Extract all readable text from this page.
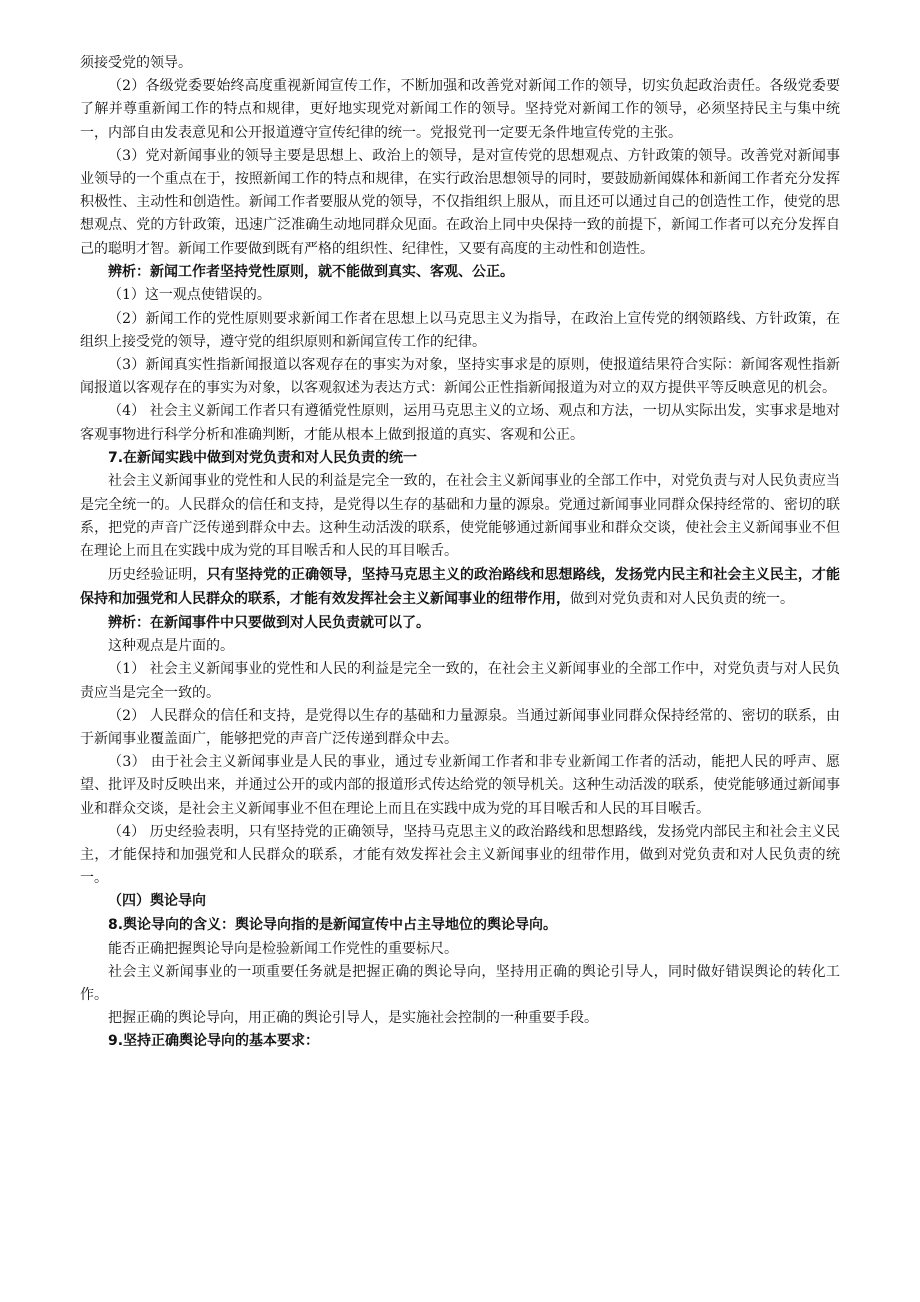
须接受党的领导。

（2）各级党委要始终高度重视新闻宣传工作，不断加强和改善党对新闻工作的领导，切实负起政治责任。各级党委要了解并尊重新闻工作的特点和规律，更好地实现党对新闻工作的领导。坚持党对新闻工作的领导，必须坚持民主与集中统一，内部自由发表意见和公开报道遵守宣传纪律的统一。党报党刊一定要无条件地宣传党的主张。

（3）党对新闻事业的领导主要是思想上、政治上的领导，是对宣传党的思想观点、方针政策的领导。改善党对新闻事业领导的一个重点在于，按照新闻工作的特点和规律，在实行政治思想领导的同时，要鼓励新闻媒体和新闻工作者充分发挥积极性、主动性和创造性。新闻工作者要服从党的领导，不仅指组织上服从，而且还可以通过自己的创造性工作，使党的思想观点、党的方针政策，迅速广泛准确生动地同群众见面。在政治上同中央保持一致的前提下，新闻工作者可以充分发挥自己的聪明才智。新闻工作要做到既有严格的组织性、纪律性，又要有高度的主动性和创造性。

辨析：新闻工作者坚持党性原则，就不能做到真实、客观、公正。

（1）这一观点使错误的。

（2）新闻工作的党性原则要求新闻工作者在思想上以马克思主义为指导，在政治上宣传党的纲领路线、方针政策，在组织上接受党的领导，遵守党的组织原则和新闻宣传工作的纪律。

（3）新闻真实性指新闻报道以客观存在的事实为对象，坚持实事求是的原则，使报道结果符合实际：新闻客观性指新闻报道以客观存在的事实为对象，以客观叙述为表达方式：新闻公正性指新闻报道为对立的双方提供平等反映意见的机会。

（4） 社会主义新闻工作者只有遵循党性原则，运用马克思主义的立场、观点和方法，一切从实际出发，实事求是地对客观事物进行科学分析和准确判断，才能从根本上做到报道的真实、客观和公正。

7.在新闻实践中做到对党负责和对人民负责的统一

社会主义新闻事业的党性和人民的利益是完全一致的，在社会主义新闻事业的全部工作中，对党负责与对人民负责应当是完全统一的。人民群众的信任和支持，是党得以生存的基础和力量的源泉。党通过新闻事业同群众保持经常的、密切的联系，把党的声音广泛传递到群众中去。这种生动活泼的联系，使党能够通过新闻事业和群众交谈，使社会主义新闻事业不但在理论上而且在实践中成为党的耳目喉舌和人民的耳目喉舌。

历史经验证明，只有坚持党的正确领导，坚持马克思主义的政治路线和思想路线，发扬党内民主和社会主义民主，才能保持和加强党和人民群众的联系，才能有效发挥社会主义新闻事业的纽带作用，做到对党负责和对人民负责的统一。

辨析：在新闻事件中只要做到对人民负责就可以了。

这种观点是片面的。

（1） 社会主义新闻事业的党性和人民的利益是完全一致的，在社会主义新闻事业的全部工作中，对党负责与对人民负责应当是完全一致的。

（2） 人民群众的信任和支持，是党得以生存的基础和力量源泉。当通过新闻事业同群众保持经常的、密切的联系，由于新闻事业覆盖面广，能够把党的声音广泛传递到群众中去。

（3） 由于社会主义新闻事业是人民的事业，通过专业新闻工作者和非专业新闻工作者的活动，能把人民的呼声、愿望、批评及时反映出来，并通过公开的或内部的报道形式传达给党的领导机关。这种生动活泼的联系，使党能够通过新闻事业和群众交谈，是社会主义新闻事业不但在理论上而且在实践中成为党的耳目喉舌和人民的耳目喉舌。

（4） 历史经验表明，只有坚持党的正确领导，坚持马克思主义的政治路线和思想路线，发扬党内部民主和社会主义民主，才能保持和加强党和人民群众的联系，才能有效发挥社会主义新闻事业的纽带作用，做到对党负责和对人民负责的统一。

（四）舆论导向

8.舆论导向的含义：舆论导向指的是新闻宣传中占主导地位的舆论导向。

能否正确把握舆论导向是检验新闻工作党性的重要标尺。

社会主义新闻事业的一项重要任务就是把握正确的舆论导向，坚持用正确的舆论引导人，同时做好错误舆论的转化工作。

把握正确的舆论导向，用正确的舆论引导人，是实施社会控制的一种重要手段。

9.坚持正确舆论导向的基本要求：
